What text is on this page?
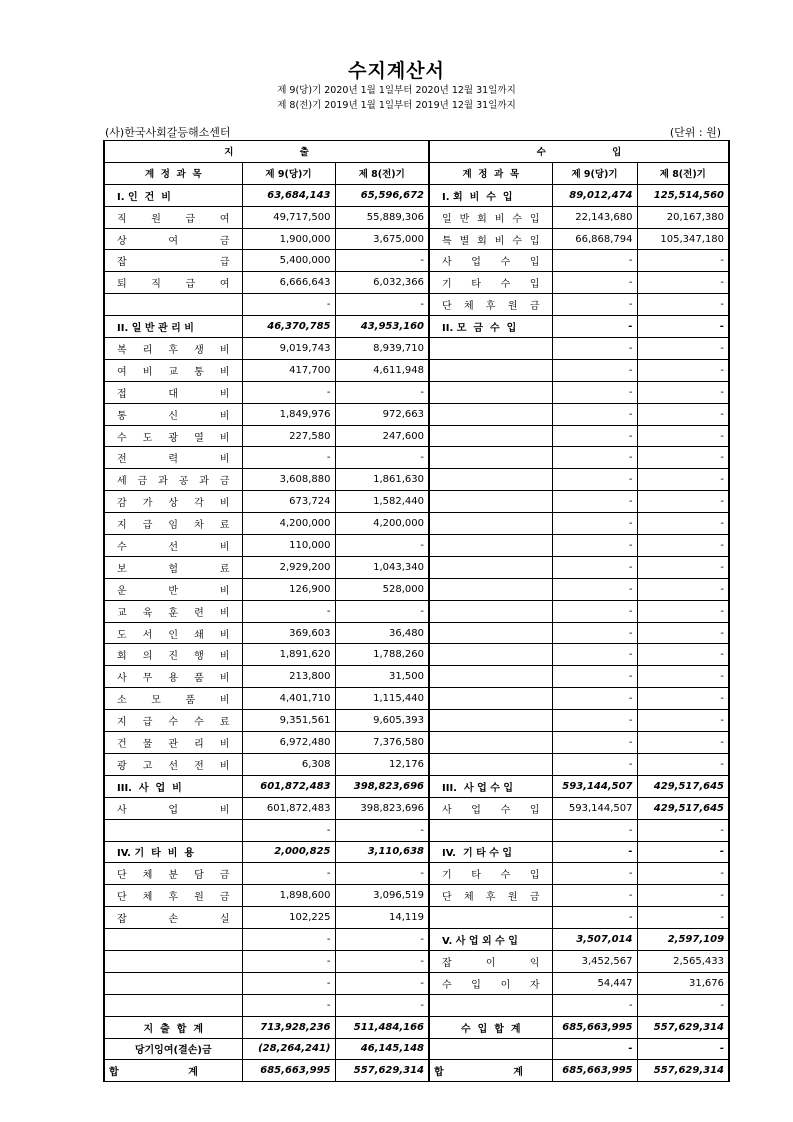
수지계산서
제 9(당)기 2020년 1월 1일부터 2020년 12월 31일까지
제 8(전)기 2019년 1월 1일부터 2019년 12월 31일까지
(사)한국사회갈등해소센터	(단위 : 원)
지                    출			수                    입		
계  정  과  목	제 9(당)기	제 8(전)기	계  정  과  목	제 9(당)기	제 8(전)기
I. 인  건  비	63,684,143	65,596,672	I. 회  비  수  입	89,012,474	125,514,560
직 원 급 여	49,717,500	55,889,306	일 반 회 비 수 입	22,143,680	20,167,380
상 여 금	1,900,000	3,675,000	특 별 회 비 수 입	66,868,794	105,347,180
잡 급	5,400,000	-	사 업 수 입	-	-
퇴 직 급 여	6,666,643	6,032,366	기 타 수 입	-	-
	-	-	단 체 후 원 금	-	-
II. 일 반 관 리 비	46,370,785	43,953,160	II. 모  금  수  입	-	-
복 리 후 생 비	9,019,743	8,939,710		-	-
여 비 교 통 비	417,700	4,611,948		-	-
접 대 비	-	-		-	-
통 신 비	1,849,976	972,663		-	-
수 도 광 열 비	227,580	247,600		-	-
전 력 비	-	-		-	-
세 금 과 공 과 금	3,608,880	1,861,630		-	-
감 가 상 각 비	673,724	1,582,440		-	-
지 급 임 차 료	4,200,000	4,200,000		-	-
수 선 비	110,000	-		-	-
보 험 료	2,929,200	1,043,340		-	-
운 반 비	126,900	528,000		-	-
교 육 훈 련 비	-	-		-	-
도 서 인 쇄 비	369,603	36,480		-	-
회 의 진 행 비	1,891,620	1,788,260		-	-
사 무 용 품 비	213,800	31,500		-	-
소 모 품 비	4,401,710	1,115,440		-	-
지 급 수 수 료	9,351,561	9,605,393		-	-
건 물 관 리 비	6,972,480	7,376,580		-	-
광 고 선 전 비	6,308	12,176		-	-
III.  사  업  비	601,872,483	398,823,696	III.  사 업 수 입	593,144,507	429,517,645
사 업 비	601,872,483	398,823,696	사 업 수 입	593,144,507	429,517,645
	-	-		-	-
IV. 기  타  비  용	2,000,825	3,110,638	IV.  기 타 수 입	-	-
단 체 분 담 금	-	-	기 타 수 입	-	-
단 체 후 원 금	1,898,600	3,096,519	단 체 후 원 금	-	-
잡 손 실	102,225	14,119		-	-
	-	-	V. 사 업 외 수 입	3,507,014	2,597,109
	-	-	잡 이 익	3,452,567	2,565,433
	-	-	수 입 이 자	54,447	31,676
	-	-		-	-
지  출  합  계	713,928,236	511,484,166	수  입  합  계	685,663,995	557,629,314
당기잉여(결손)금	(28,264,241)	46,145,148		-	-
합                    계	685,663,995	557,629,314	합                    계	685,663,995	557,629,314
